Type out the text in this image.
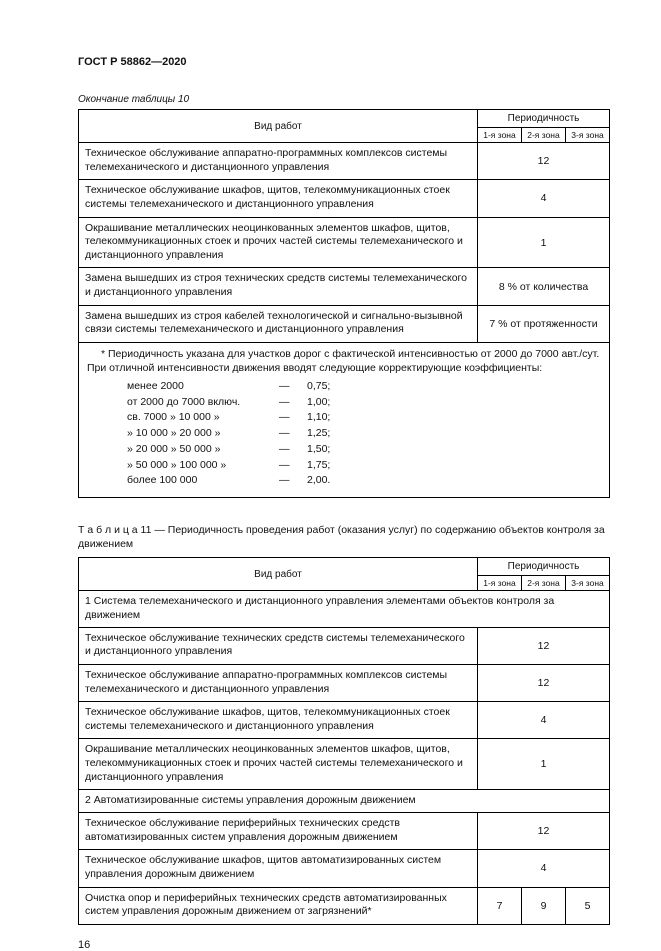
ГОСТ Р 58862—2020
Окончание таблицы 10
Вид работ	Периодичность		
	1-я зона	2-я зона	3-я зона
Техническое обслуживание аппаратно-программных комплексов системы телемеханического и дистанционного управления	12		
Техническое обслуживание шкафов, щитов, телекоммуникационных стоек системы телемеханического и дистанционного управления	4		
Окрашивание металлических неоцинкованных элементов шкафов, щитов, телекоммуникационных стоек и прочих частей системы телемеханического и дистанционного управления	1		
Замена вышедших из строя технических средств системы телемеханического и дистанционного управления	8 % от количества		
Замена вышедших из строя кабелей технологической и сигнально-вызывной связи системы телемеханического и дистанционного управления	7 % от протяженности		

* Периодичность указана для участков дорог с фактической интенсивностью от 2000 до 7000 авт./сут. При отличной интенсивности движения вводят следующие корректирующие коэффициенты:
менее 2000	—	0,75;
от 2000 до 7000 включ.	—	1,00;
св. 7000 » 10 000 »	—	1,10;
» 10 000 » 20 000 »	—	1,25;
» 20 000 » 50 000 »	—	1,50;
» 50 000 » 100 000 »	—	1,75;
более 100 000	—	2,00.
Т а б л и ц а 11 — Периодичность проведения работ (оказания услуг) по содержанию объектов контроля за движением
Вид работ	Периодичность		
	1-я зона	2-я зона	3-я зона
1 Система телемеханического и дистанционного управления элементами объектов контроля за движением			
Техническое обслуживание технических средств системы телемеханического и дистанционного управления	12		
Техническое обслуживание аппаратно-программных комплексов системы телемеханического и дистанционного управления	12		
Техническое обслуживание шкафов, щитов, телекоммуникационных стоек системы телемеханического и дистанционного управления	4		
Окрашивание металлических неоцинкованных элементов шкафов, щитов, телекоммуникационных стоек и прочих частей системы телемеханического и дистанционного управления	1		
2 Автоматизированные системы управления дорожным движением			
Техническое обслуживание периферийных технических средств автоматизированных систем управления дорожным движением	12		
Техническое обслуживание шкафов, щитов автоматизированных систем управления дорожным движением	4		
Очистка опор и периферийных технических средств автоматизированных систем управления дорожным движением от загрязнений*	7	9	5
16
